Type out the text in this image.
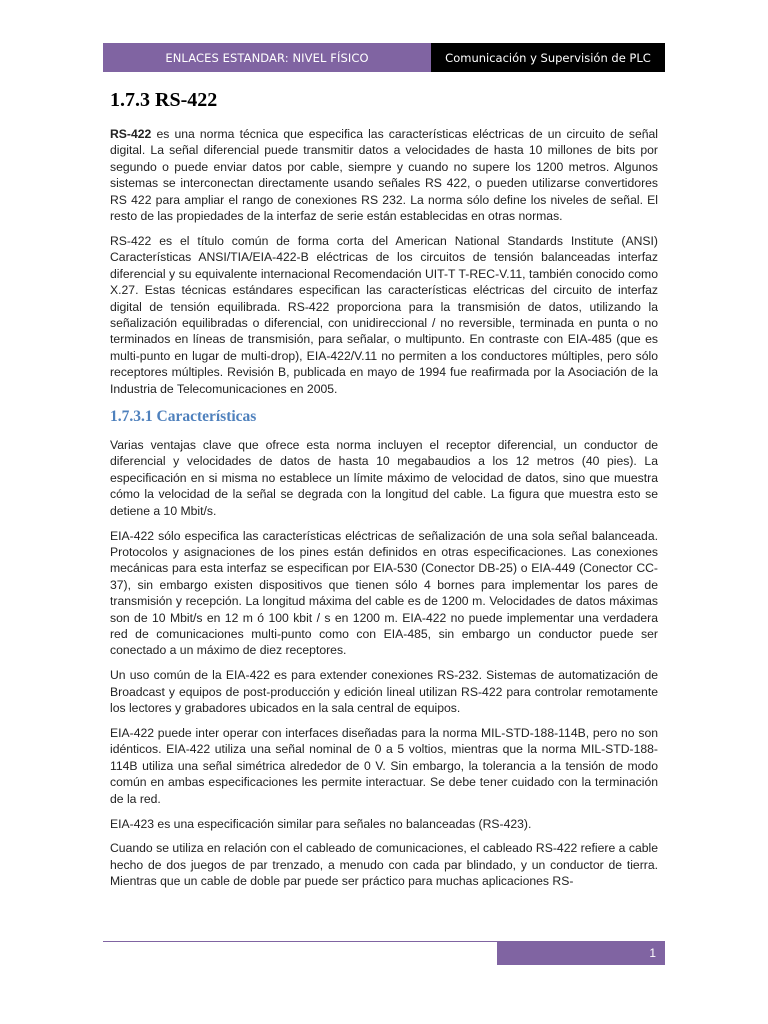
ENLACES ESTANDAR: NIVEL FÍSICO	Comunicación y Supervisión de PLC
1.7.3 RS-422

RS-422 es una norma técnica que especifica las características eléctricas de un circuito de señal digital. La señal diferencial puede transmitir datos a velocidades de hasta 10 millones de bits por segundo o puede enviar datos por cable, siempre y cuando no supere los 1200 metros. Algunos sistemas se interconectan directamente usando señales RS 422, o pueden utilizarse convertidores RS 422 para ampliar el rango de conexiones RS 232. La norma sólo define los niveles de señal. El resto de las propiedades de la interfaz de serie están establecidas en otras normas.

RS-422 es el título común de forma corta del American National Standards Institute (ANSI) Características ANSI/TIA/EIA-422-B eléctricas de los circuitos de tensión balanceadas interfaz diferencial y su equivalente internacional Recomendación UIT-T T-REC-V.11, también conocido como X.27. Estas técnicas estándares especifican las características eléctricas del circuito de interfaz digital de tensión equilibrada. RS-422 proporciona para la transmisión de datos, utilizando la señalización equilibradas o diferencial, con unidireccional / no reversible, terminada en punta o no terminados en líneas de transmisión, para señalar, o multipunto. En contraste con EIA-485 (que es multi-punto en lugar de multi-drop), EIA-422/V.11 no permiten a los conductores múltiples, pero sólo receptores múltiples. Revisión B, publicada en mayo de 1994 fue reafirmada por la Asociación de la Industria de Telecomunicaciones en 2005.

1.7.3.1 Características

Varias ventajas clave que ofrece esta norma incluyen el receptor diferencial, un conductor de diferencial y velocidades de datos de hasta 10 megabaudios a los 12 metros (40 pies). La especificación en si misma no establece un límite máximo de velocidad de datos, sino que muestra cómo la velocidad de la señal se degrada con la longitud del cable. La figura que muestra esto se detiene a 10 Mbit/s.

EIA-422 sólo especifica las características eléctricas de señalización de una sola señal balanceada. Protocolos y asignaciones de los pines están definidos en otras especificaciones. Las conexiones mecánicas para esta interfaz se especifican por EIA-530 (Conector DB-25) o EIA-449 (Conector CC-37), sin embargo existen dispositivos que tienen sólo 4 bornes para implementar los pares de transmisión y recepción. La longitud máxima del cable es de 1200 m. Velocidades de datos máximas son de 10 Mbit/s en 12 m ó 100 kbit / s en 1200 m. EIA-422 no puede implementar una verdadera red de comunicaciones multi-punto como con EIA-485, sin embargo un conductor puede ser conectado a un máximo de diez receptores.

Un uso común de la EIA-422 es para extender conexiones RS-232. Sistemas de automatización de Broadcast y equipos de post-producción y edición lineal utilizan RS-422 para controlar remotamente los lectores y grabadores ubicados en la sala central de equipos.

EIA-422 puede inter operar con interfaces diseñadas para la norma MIL-STD-188-114B, pero no son idénticos. EIA-422 utiliza una señal nominal de 0 a 5 voltios, mientras que la norma MIL-STD-188-114B utiliza una señal simétrica alrededor de 0 V. Sin embargo, la tolerancia a la tensión de modo común en ambas especificaciones les permite interactuar. Se debe tener cuidado con la terminación de la red.

EIA-423 es una especificación similar para señales no balanceadas (RS-423).

Cuando se utiliza en relación con el cableado de comunicaciones, el cableado RS-422 refiere a cable hecho de dos juegos de par trenzado, a menudo con cada par blindado, y un conductor de tierra. Mientras que un cable de doble par puede ser práctico para muchas aplicaciones RS-

1
